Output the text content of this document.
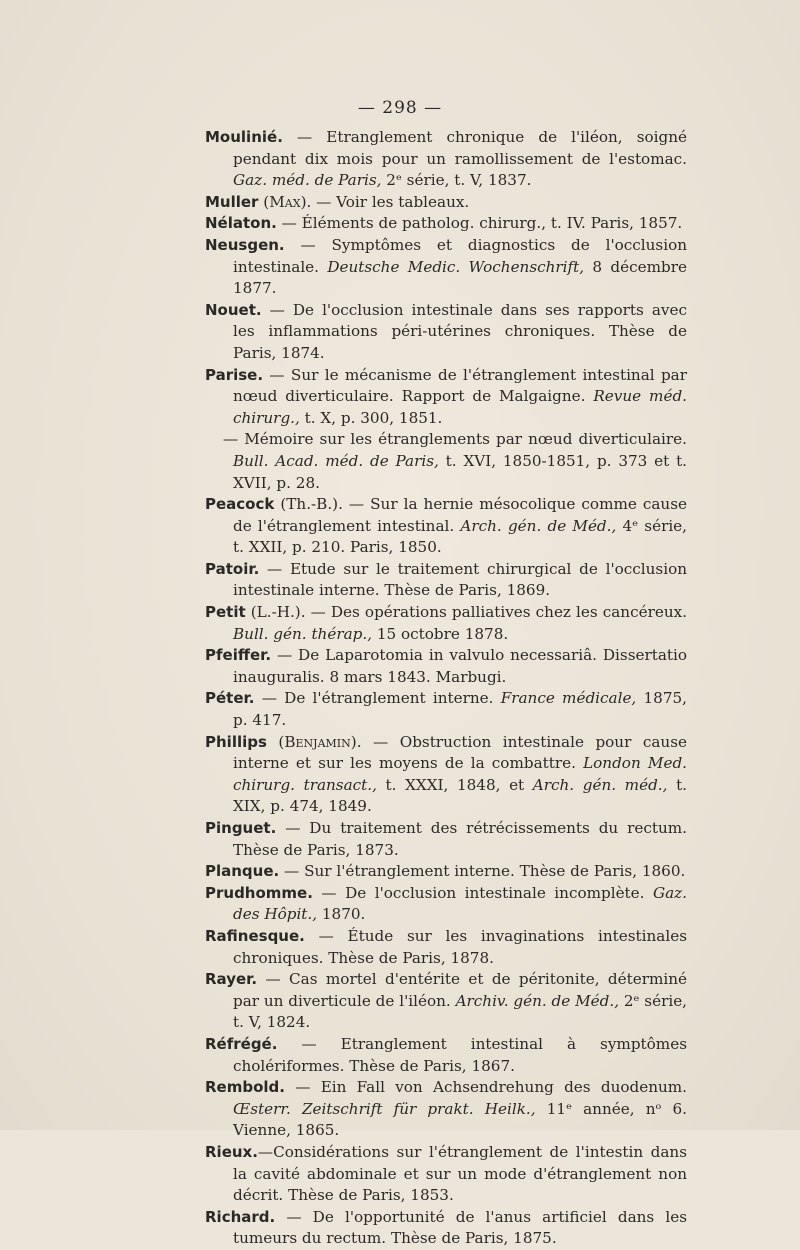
— 298 —
Moulinié. — Etranglement chronique de l'iléon, soigné pendant dix mois pour un ramollissement de l'estomac. Gaz. méd. de Paris, 2ᵉ série, t. V, 1837.
Muller (Max). — Voir les tableaux.
Nélaton. — Éléments de patholog. chirurg., t. IV. Paris, 1857.
Neusgen. — Symptômes et diagnostics de l'occlusion intestinale. Deutsche Medic. Wochenschrift, 8 décembre 1877.
Nouet. — De l'occlusion intestinale dans ses rapports avec les inflammations péri-utérines chroniques. Thèse de Paris, 1874.
Parise. — Sur le mécanisme de l'étranglement intestinal par nœud diverticulaire. Rapport de Malgaigne. Revue méd. chirurg., t. X, p. 300, 1851.
— Mémoire sur les étranglements par nœud diverticulaire. Bull. Acad. méd. de Paris, t. XVI, 1850-1851, p. 373 et t. XVII, p. 28.
Peacock (Th.-B.). — Sur la hernie mésocolique comme cause de l'étranglement intestinal. Arch. gén. de Méd., 4ᵉ série, t. XXII, p. 210. Paris, 1850.
Patoir. — Etude sur le traitement chirurgical de l'occlusion intestinale interne. Thèse de Paris, 1869.
Petit (L.-H.). — Des opérations palliatives chez les cancéreux. Bull. gén. thérap., 15 octobre 1878.
Pfeiffer. — De Laparotomia in valvulo necessariâ. Dissertatio inauguralis. 8 mars 1843. Marbugi.
Péter. — De l'étranglement interne. France médicale, 1875, p. 417.
Phillips (Benjamin). — Obstruction intestinale pour cause interne et sur les moyens de la combattre. London Med. chirurg. transact., t. XXXI, 1848, et Arch. gén. méd., t. XIX, p. 474, 1849.
Pinguet. — Du traitement des rétrécissements du rectum. Thèse de Paris, 1873.
Planque. — Sur l'étranglement interne. Thèse de Paris, 1860.
Prudhomme. — De l'occlusion intestinale incomplète. Gaz. des Hôpit., 1870.
Rafinesque. — Étude sur les invaginations intestinales chroniques. Thèse de Paris, 1878.
Rayer. — Cas mortel d'entérite et de péritonite, déterminé par un diverticule de l'iléon. Archiv. gén. de Méd., 2ᵉ série, t. V, 1824.
Réfrégé. — Etranglement intestinal à symptômes cholériformes. Thèse de Paris, 1867.
Rembold. — Ein Fall von Achsendrehung des duodenum. Œsterr. Zeitschrift für prakt. Heilk., 11ᵉ année, nᵒ 6. Vienne, 1865.
Rieux.—Considérations sur l'étranglement de l'intestin dans la cavité abdominale et sur un mode d'étranglement non décrit. Thèse de Paris, 1853.
Richard. — De l'opportunité de l'anus artificiel dans les tumeurs du rectum. Thèse de Paris, 1875.
